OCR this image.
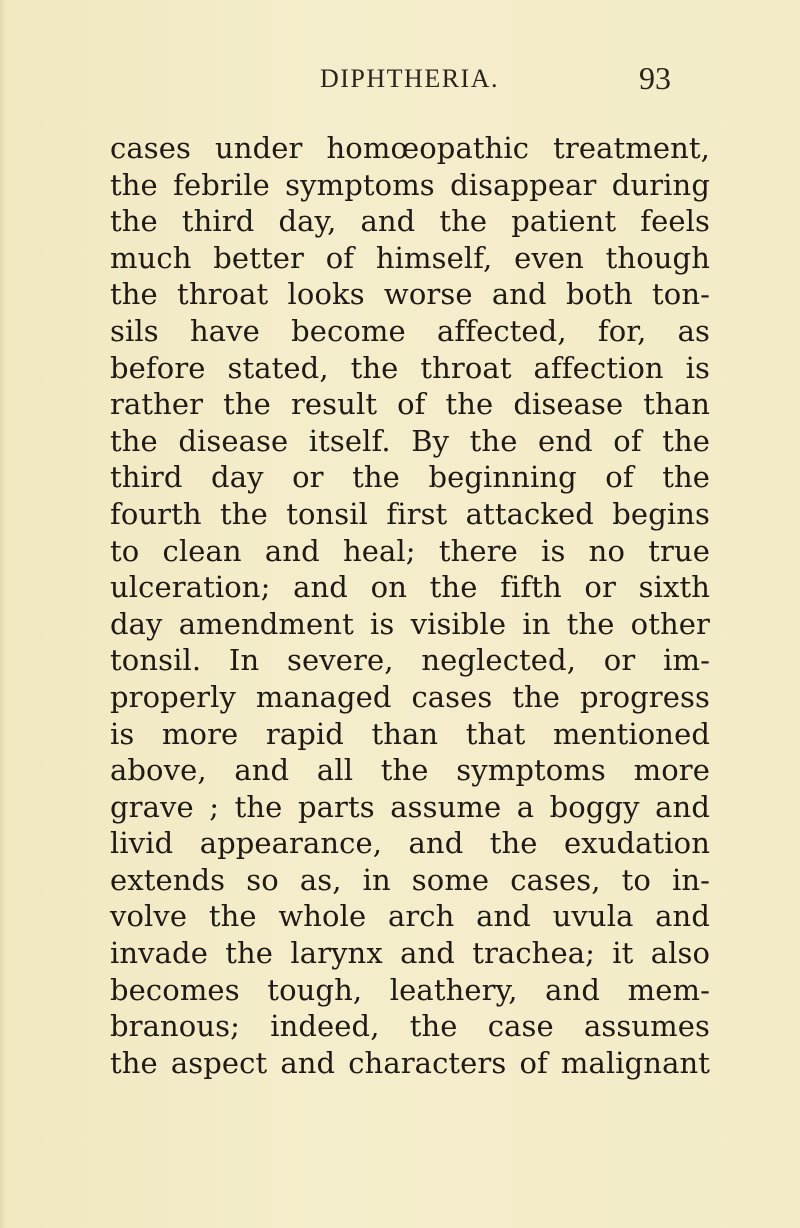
DIPHTHERIA.	93
cases under homœopathic treatment,
the febrile symptoms disappear during
the third day, and the patient feels
much better of himself, even though
the throat looks worse and both ton-
sils have become affected, for, as
before stated, the throat affection is
rather the result of the disease than
the disease itself. By the end of the
third day or the beginning of the
fourth the tonsil first attacked begins
to clean and heal; there is no true
ulceration; and on the fifth or sixth
day amendment is visible in the other
tonsil. In severe, neglected, or im-
properly managed cases the progress
is more rapid than that mentioned
above, and all the symptoms more
grave ; the parts assume a boggy and
livid appearance, and the exudation
extends so as, in some cases, to in-
volve the whole arch and uvula and
invade the larynx and trachea; it also
becomes tough, leathery, and mem-
branous; indeed, the case assumes
the aspect and characters of malignant
